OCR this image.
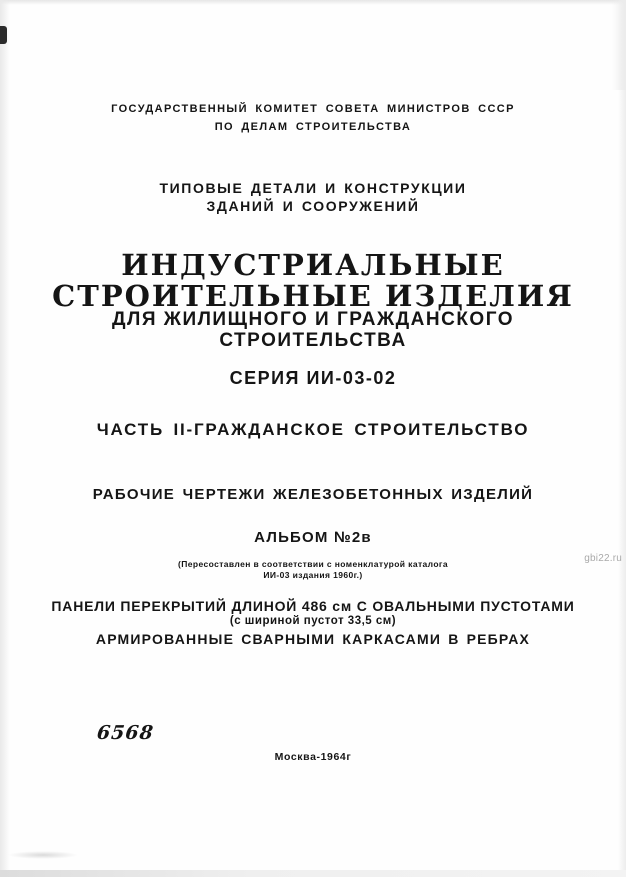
ГОСУДАРСТВЕННЫЙ КОМИТЕТ СОВЕТА МИНИСТРОВ СССР
ПО ДЕЛАМ СТРОИТЕЛЬСТВА
ТИПОВЫЕ ДЕТАЛИ И КОНСТРУКЦИИ
ЗДАНИЙ И СООРУЖЕНИЙ
ИНДУСТРИАЛЬНЫЕ
СТРОИТЕЛЬНЫЕ ИЗДЕЛИЯ
ДЛЯ ЖИЛИЩНОГО И ГРАЖДАНСКОГО
СТРОИТЕЛЬСТВА
СЕРИЯ ИИ-03-02
ЧАСТЬ II-ГРАЖДАНСКОЕ СТРОИТЕЛЬСТВО
РАБОЧИЕ ЧЕРТЕЖИ ЖЕЛЕЗОБЕТОННЫХ ИЗДЕЛИЙ
АЛЬБОМ №2в
(Пересоставлен в соответствии с номенклатурой каталога
ИИ-03 издания 1960г.)
ПАНЕЛИ ПЕРЕКРЫТИЙ ДЛИНОЙ 486 см С ОВАЛЬНЫМИ ПУСТОТАМИ
(с шириной пустот 33,5 см)
АРМИРОВАННЫЕ СВАРНЫМИ КАРКАСАМИ В РЕБРАХ
6568
Москва-1964г
gbi22.ru
